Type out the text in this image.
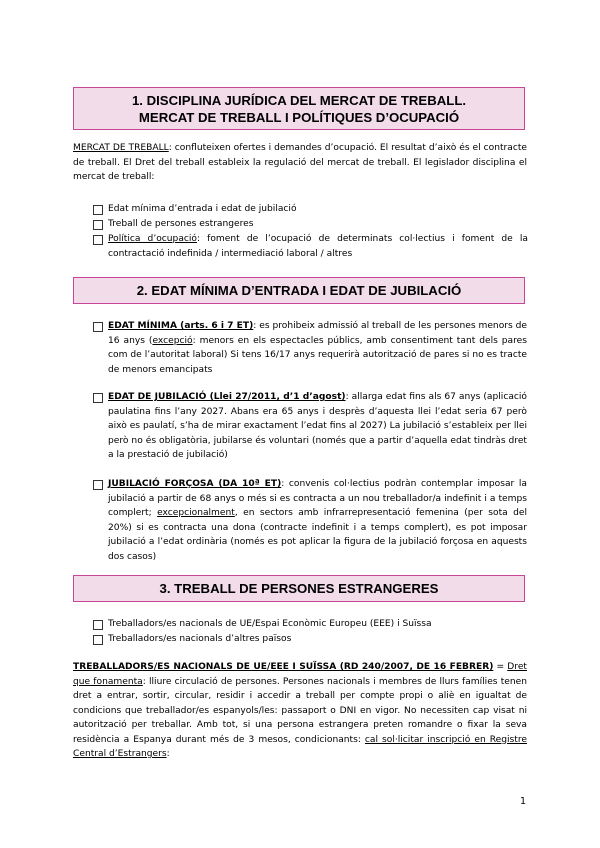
1. DISCIPLINA JURÍDICA DEL MERCAT DE TREBALL.
MERCAT DE TREBALL I POLÍTIQUES D’OCUPACIÓ

MERCAT DE TREBALL: confluteixen ofertes i demandes d’ocupació. El resultat d’això és el contracte de treball. El Dret del treball estableix la regulació del mercat de treball. El legislador disciplina el mercat de treball:

Edat mínima d’entrada i edat de jubilació

Treball de persones estrangeres

Política d’ocupació: foment de l’ocupació de determinats col·lectius i foment de la contractació indefinida / intermediació laboral / altres

2. EDAT MÍNIMA D’ENTRADA I EDAT DE JUBILACIÓ

EDAT MÍNIMA (arts. 6 i 7 ET): es prohibeix admissió al treball de les persones menors de 16 anys (excepció: menors en els espectacles públics, amb consentiment tant dels pares com de l’autoritat laboral) Si tens 16/17 anys requerirà autorització de pares si no es tracte de menors emancipats

EDAT DE JUBILACIÓ (Llei 27/2011, d’1 d’agost): allarga edat fins als 67 anys (aplicació paulatina fins l’any 2027. Abans era 65 anys i desprès d’aquesta llei l’edat seria 67 però això es paulatí, s’ha de mirar exactament l’edat fins al 2027) La jubilació s’estableix per llei però no és obligatòria, jubilarse és voluntari (només que a partir d’aquella edat tindràs dret a la prestació de jubilació)

JUBILACIÓ FORÇOSA (DA 10ª ET): convenis col·lectius podràn contemplar imposar la jubilació a partir de 68 anys o més si es contracta a un nou treballador/a indefinit i a temps complert; excepcionalment, en sectors amb infrarrepresentació femenina (per sota del 20%) si es contracta una dona (contracte indefinit i a temps complert), es pot imposar jubilació a l’edat ordinària (només es pot aplicar la figura de la jubilació forçosa en aquests dos casos)

3. TREBALL DE PERSONES ESTRANGERES

Treballadors/es nacionals de UE/Espai Econòmic Europeu (EEE) i Suïssa

Treballadors/es nacionals d’altres països

TREBALLADORS/ES NACIONALS DE UE/EEE I SUÏSSA (RD 240/2007, DE 16 FEBRER) = Dret que fonamenta: lliure circulació de persones. Persones nacionals i membres de llurs famílies tenen dret a entrar, sortir, circular, residir i accedir a treball per compte propi o aliè en igualtat de condicions que treballador/es espanyols/les: passaport o DNI en vigor. No necessiten cap visat ni autorització per treballar. Amb tot, si una persona estrangera preten romandre o fixar la seva residència a Espanya durant més de 3 mesos, condicionants: cal sol·licitar inscripció en Registre Central d’Estrangers:

1
